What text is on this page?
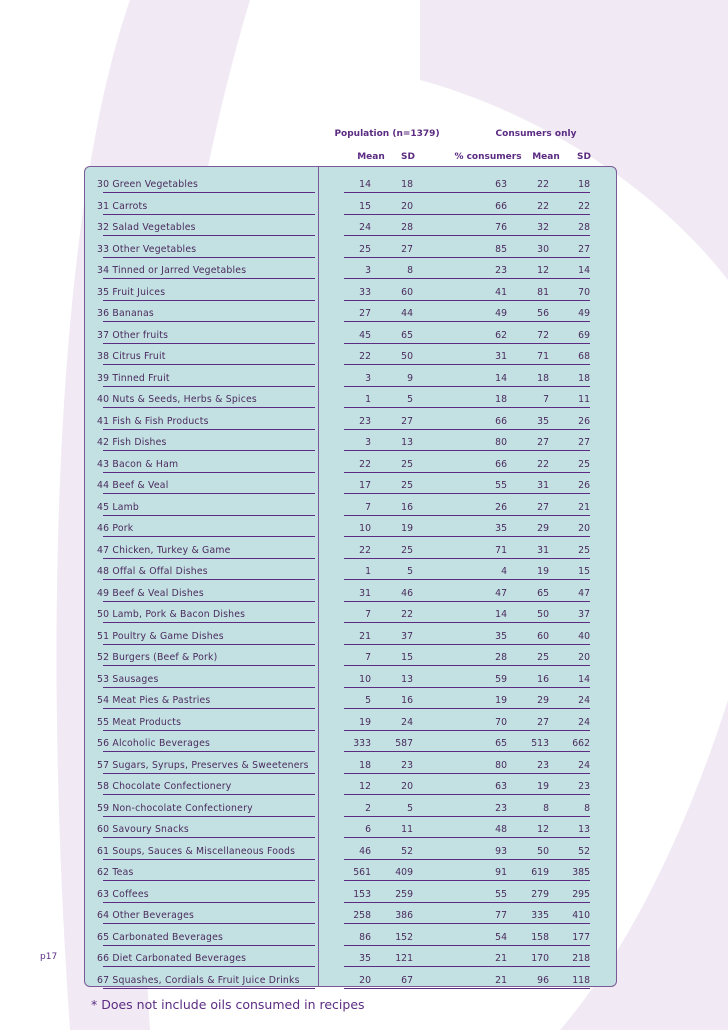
Population (n=1379)	Consumers only
Mean SD	% consumers Mean SD
30 Green Vegetables	14	18	63	22	18
31 Carrots	15	20	66	22	22
32 Salad Vegetables	24	28	76	32	28
33 Other Vegetables	25	27	85	30	27
34 Tinned or Jarred Vegetables	3	8	23	12	14
35 Fruit Juices	33	60	41	81	70
36 Bananas	27	44	49	56	49
37 Other fruits	45	65	62	72	69
38 Citrus Fruit	22	50	31	71	68
39 Tinned Fruit	3	9	14	18	18
40 Nuts & Seeds, Herbs & Spices	1	5	18	7	11
41 Fish & Fish Products	23	27	66	35	26
42 Fish Dishes	3	13	80	27	27
43 Bacon & Ham	22	25	66	22	25
44 Beef & Veal	17	25	55	31	26
45 Lamb	7	16	26	27	21
46 Pork	10	19	35	29	20
47 Chicken, Turkey & Game	22	25	71	31	25
48 Offal & Offal Dishes	1	5	4	19	15
49 Beef & Veal Dishes	31	46	47	65	47
50 Lamb, Pork & Bacon Dishes	7	22	14	50	37
51 Poultry & Game Dishes	21	37	35	60	40
52 Burgers (Beef & Pork)	7	15	28	25	20
53 Sausages	10	13	59	16	14
54 Meat Pies & Pastries	5	16	19	29	24
55 Meat Products	19	24	70	27	24
56 Alcoholic Beverages	333	587	65	513	662
57 Sugars, Syrups, Preserves & Sweeteners	18	23	80	23	24
58 Chocolate Confectionery	12	20	63	19	23
59 Non-chocolate Confectionery	2	5	23	8	8
60 Savoury Snacks	6	11	48	12	13
61 Soups, Sauces & Miscellaneous Foods	46	52	93	50	52
62 Teas	561	409	91	619	385
63 Coffees	153	259	55	279	295
64 Other Beverages	258	386	77	335	410
65 Carbonated Beverages	86	152	54	158	177
66 Diet Carbonated Beverages	35	121	21	170	218
67 Squashes, Cordials & Fruit Juice Drinks	20	67	21	96	118
p17
* Does not include oils consumed in recipes
